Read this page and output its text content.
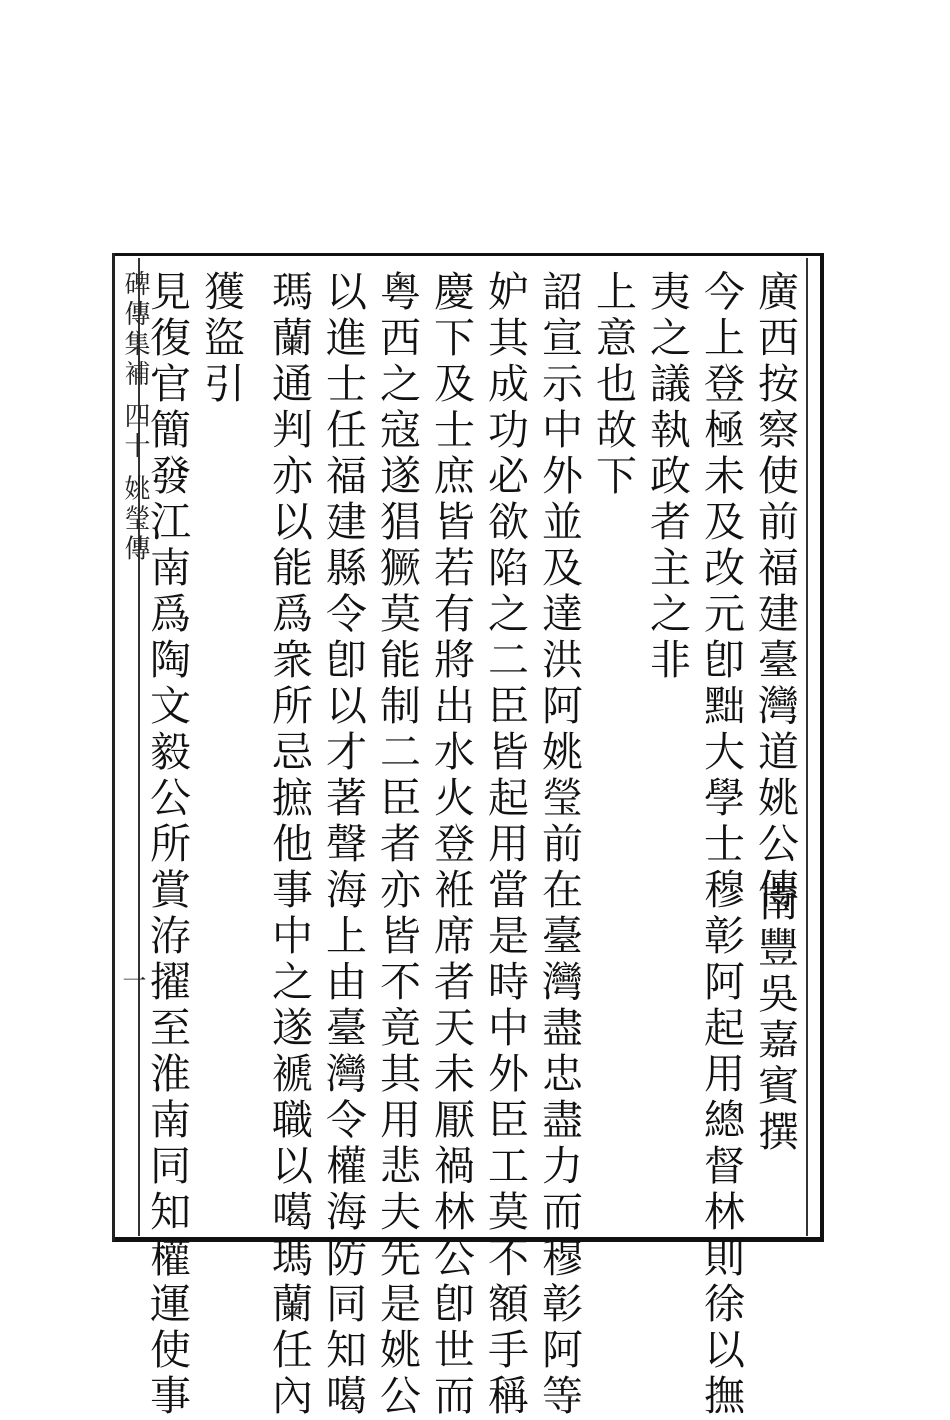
碑傳集補 四十 姚瑩傳
一
廣西按察使前福建臺灣道姚公傳
南豐吳嘉賓撰
今上登極未及改元卽黜大學士穆彰阿起用總督林則徐以撫
夷之議執政者主之非
上意也故下
詔宣示中外並及達洪阿姚瑩前在臺灣盡忠盡力而穆彰阿等
妒其成功必欲陷之二臣皆起用當是時中外臣工莫不額手稱
慶下及士庶皆若有將出水火登袵席者天未厭禍林公卽世而
粤西之寇遂猖獗莫能制二臣者亦皆不竟其用悲夫先是姚公
以進士任福建縣令卽以才著聲海上由臺灣令權海防同知噶
瑪蘭通判亦以能爲衆所忌摭他事中之遂褫職以噶瑪蘭任內
獲盜引
見復官簡發江南爲陶文毅公所賞洊擢至淮南同知權運使事
